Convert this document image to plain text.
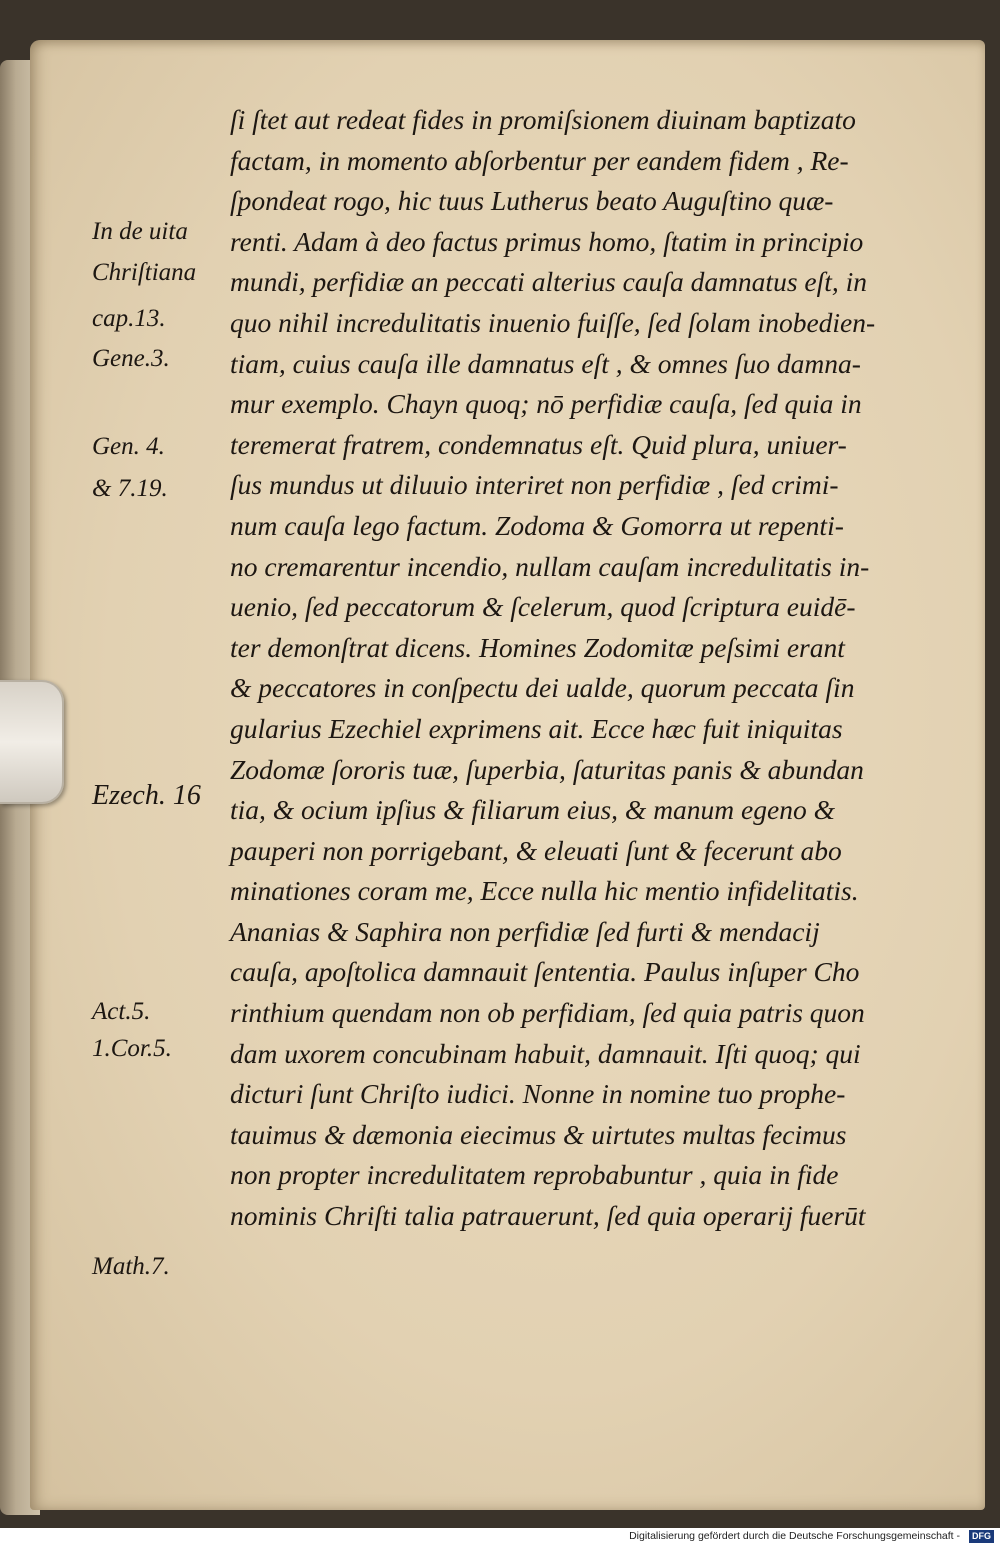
ſi ſtet aut redeat fides in promiſsionem diuinam baptizato
factam, in momento abſorbentur per eandem fidem , Re-
ſpondeat rogo, hic tuus Lutherus beato Auguſtino quæ-
renti. Adam à deo factus primus homo, ſtatim in principio
mundi, perfidiæ an peccati alterius cauſa damnatus eſt, in
quo nihil incredulitatis inuenio fuiſſe, ſed ſolam inobedien-
tiam, cuius cauſa ille damnatus eſt , & omnes ſuo damna-
mur exemplo. Chayn quoq; nō perfidiæ cauſa, ſed quia in
teremerat fratrem, condemnatus eſt. Quid plura, uniuer-
ſus mundus ut diluuio interiret non perfidiæ , ſed crimi-
num cauſa lego factum. Zodoma & Gomorra ut repenti-
no cremarentur incendio, nullam cauſam incredulitatis in-
uenio, ſed peccatorum & ſcelerum, quod ſcriptura euidē-
ter demonſtrat dicens. Homines Zodomitæ peſsimi erant
& peccatores in conſpectu dei ualde, quorum peccata ſin
gularius Ezechiel exprimens ait. Ecce hæc fuit iniquitas
Zodomæ ſororis tuæ, ſuperbia, ſaturitas panis & abundan
tia, & ocium ipſius & filiarum eius, & manum egeno &
pauperi non porrigebant, & eleuati ſunt & fecerunt abo
minationes coram me, Ecce nulla hic mentio infidelitatis.
Ananias & Saphira non perfidiæ ſed furti & mendacij
cauſa, apoſtolica damnauit ſententia. Paulus inſuper Cho
rinthium quendam non ob perfidiam, ſed quia patris quon
dam uxorem concubinam habuit, damnauit. Iſti quoq; qui
dicturi ſunt Chriſto iudici. Nonne in nomine tuo prophe-
tauimus & dæmonia eiecimus & uirtutes multas fecimus
non propter incredulitatem reprobabuntur , quia in fide
nominis Chriſti talia patrauerunt, ſed quia operarij fuerūt
In de uita
Chriſtiana
cap.13.
Gene.3.
Gen. 4.
& 7.19.
Ezech. 16
Act.5.
1.Cor.5.
Math.7.
Digitalisierung gefördert durch die Deutsche Forschungsgemeinschaft -	DFG
